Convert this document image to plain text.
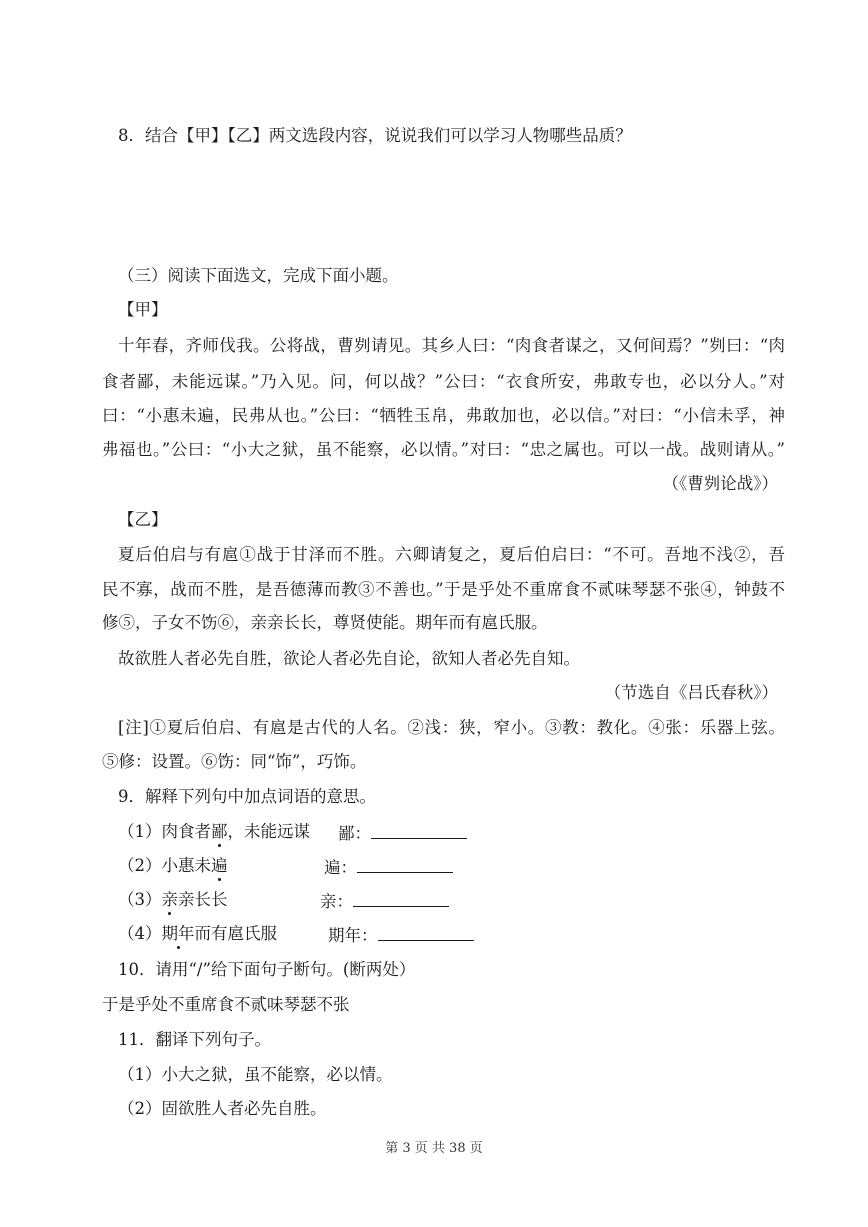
8．结合【甲】【乙】两文选段内容，说说我们可以学习人物哪些品质？
（三）阅读下面选文，完成下面小题。
【甲】
十年春，齐师伐我。公将战，曹刿请见。其乡人曰：“肉食者谋之，又何间焉？”刿曰：“肉
食者鄙，未能远谋。”乃入见。问，何以战？”公曰：“衣食所安，弗敢专也，必以分人。”对
曰：“小惠未遍，民弗从也。”公曰：“牺牲玉帛，弗敢加也，必以信。”对曰：“小信未孚，神
弗福也。”公曰：“小大之狱，虽不能察，必以情。”对曰：“忠之属也。可以一战。战则请从。”
（《曹刿论战》）
【乙】
夏后伯启与有扈①战于甘泽而不胜。六卿请复之，夏后伯启曰：“不可。吾地不浅②，吾
民不寡，战而不胜，是吾德薄而教③不善也。”于是乎处不重席食不贰味琴瑟不张④，钟鼓不
修⑤，子女不饬⑥，亲亲长长，尊贤使能。期年而有扈氏服。
故欲胜人者必先自胜，欲论人者必先自论，欲知人者必先自知。
（节选自《吕氏春秋》）
[注]①夏后伯启、有扈是古代的人名。②浅：狭，窄小。③教：教化。④张：乐器上弦。
⑤修：设置。⑥饬：同“饰”，巧饰。
9．解释下列句中加点词语的意思。
（1）肉食者鄙，未能远谋 鄙：
（2）小惠未遍	遍：
（3）亲亲长长	亲：
（4）期年而有扈氏服	期年：
10．请用“/”给下面句子断句。(断两处）
于是乎处不重席食不贰味琴瑟不张
11．翻译下列句子。
（1）小大之狱，虽不能察，必以情。
（2）固欲胜人者必先自胜。
第 3 页 共 38 页
